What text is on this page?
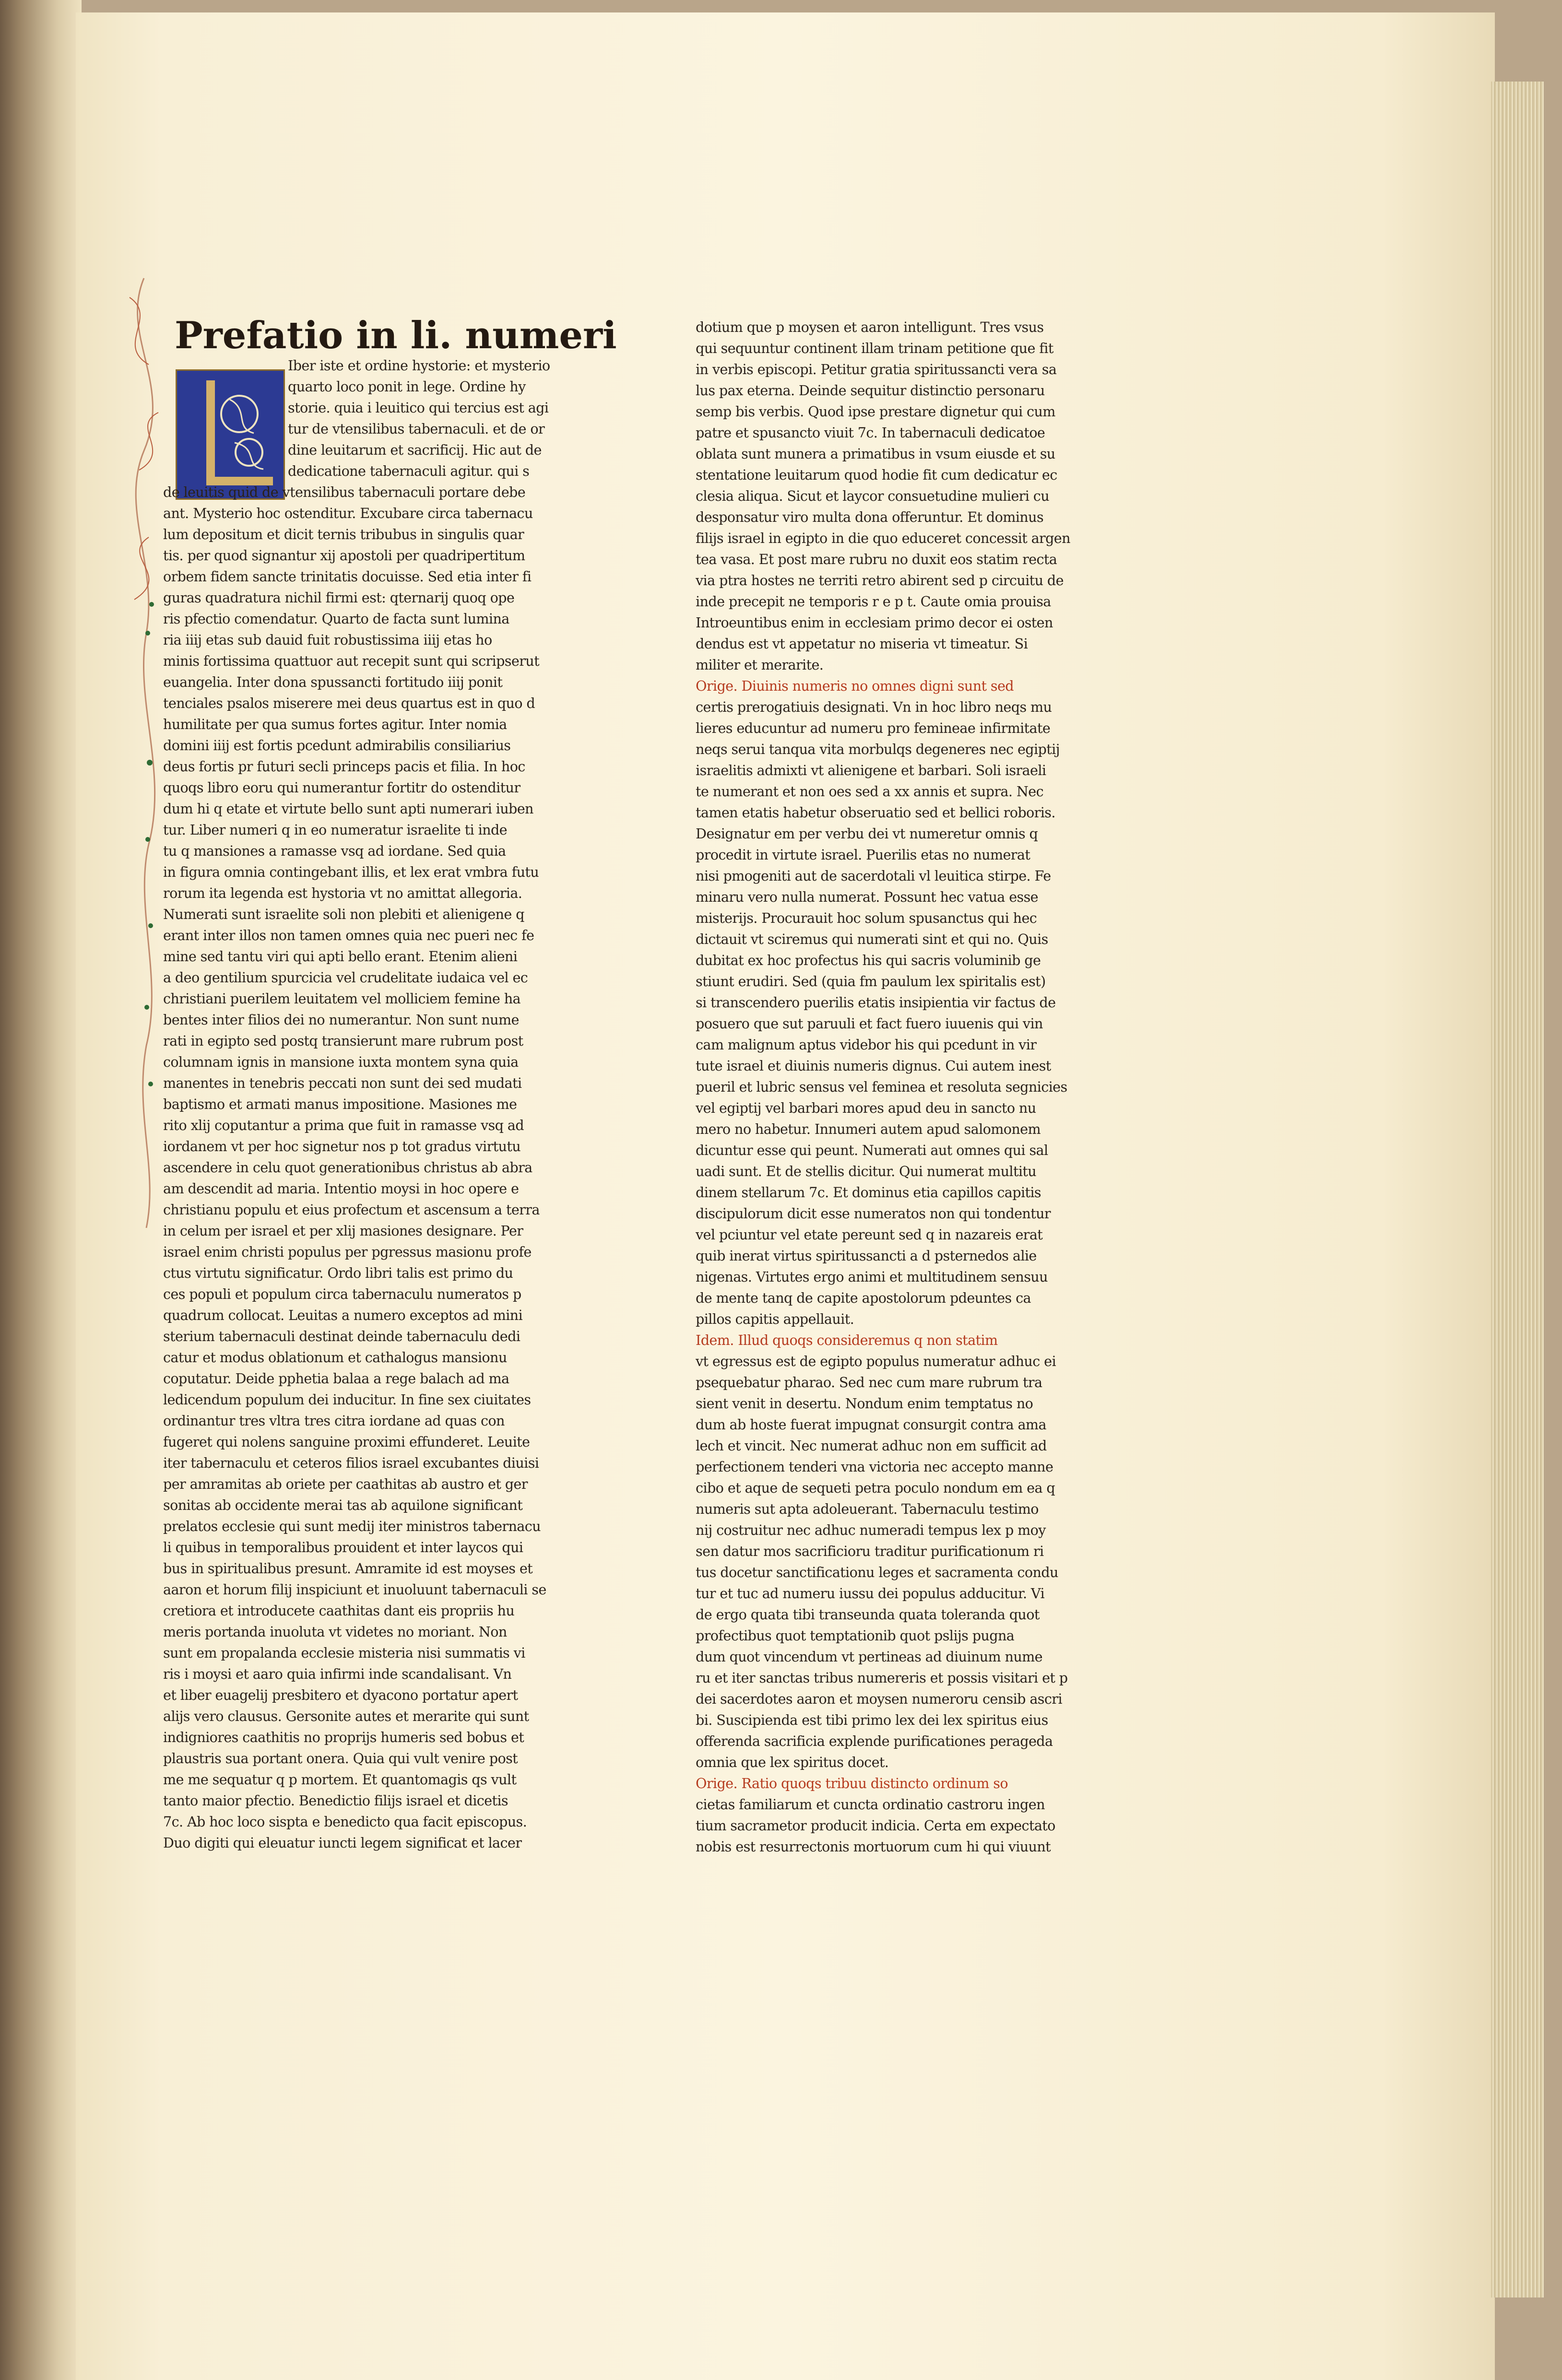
Prefatio in li. numeri
Iber iste et ordine hystorie: et mysterio
quarto loco ponit in lege. Ordine hy
storie. quia i leuitico qui tercius est agi
tur de vtensilibus tabernaculi. et de or
dine leuitarum et sacrificij. Hic aut de
dedicatione tabernaculi agitur. qui s
de leuitis quid de vtensilibus tabernaculi portare debe
ant. Mysterio hoc ostenditur. Excubare circa tabernacu
lum depositum et dicit ternis tribubus in singulis quar
tis. per quod signantur xij apostoli per quadripertitum
orbem fidem sancte trinitatis docuisse. Sed etia inter fi
guras quadratura nichil firmi est: qternarij quoq ope
ris pfectio comendatur. Quarto de facta sunt lumina
ria iiij etas sub dauid fuit robustissima iiij etas ho
minis fortissima quattuor aut recepit sunt qui scripserut
euangelia. Inter dona spussancti fortitudo iiij ponit
tenciales psalos miserere mei deus quartus est in quo d
humilitate per qua sumus fortes agitur. Inter nomia
domini iiij est fortis pcedunt admirabilis consiliarius
deus fortis pr futuri secli princeps pacis et filia. In hoc
quoqs libro eoru qui numerantur fortitr do ostenditur
dum hi q etate et virtute bello sunt apti numerari iuben
tur. Liber numeri q in eo numeratur israelite ti inde
tu q mansiones a ramasse vsq ad iordane. Sed quia
in figura omnia contingebant illis, et lex erat vmbra futu
rorum ita legenda est hystoria vt no amittat allegoria.
Numerati sunt israelite soli non plebiti et alienigene q
erant inter illos non tamen omnes quia nec pueri nec fe
mine sed tantu viri qui apti bello erant. Etenim alieni
a deo gentilium spurcicia vel crudelitate iudaica vel ec
christiani puerilem leuitatem vel molliciem femine ha
bentes inter filios dei no numerantur. Non sunt nume
rati in egipto sed postq transierunt mare rubrum post
columnam ignis in mansione iuxta montem syna quia
manentes in tenebris peccati non sunt dei sed mudati
baptismo et armati manus impositione. Masiones me
rito xlij coputantur a prima que fuit in ramasse vsq ad
iordanem vt per hoc signetur nos p tot gradus virtutu
ascendere in celu quot generationibus christus ab abra
am descendit ad maria. Intentio moysi in hoc opere e
christianu populu et eius profectum et ascensum a terra
in celum per israel et per xlij masiones designare. Per
israel enim christi populus per pgressus masionu profe
ctus virtutu significatur. Ordo libri talis est primo du
ces populi et populum circa tabernaculu numeratos p
quadrum collocat. Leuitas a numero exceptos ad mini
sterium tabernaculi destinat deinde tabernaculu dedi
catur et modus oblationum et cathalogus mansionu
coputatur. Deide pphetia balaa a rege balach ad ma
ledicendum populum dei inducitur. In fine sex ciuitates
ordinantur tres vltra tres citra iordane ad quas con
fugeret qui nolens sanguine proximi effunderet. Leuite
iter tabernaculu et ceteros filios israel excubantes diuisi
per amramitas ab oriete per caathitas ab austro et ger
sonitas ab occidente merai tas ab aquilone significant
prelatos ecclesie qui sunt medij iter ministros tabernacu
li quibus in temporalibus prouident et inter laycos qui
bus in spiritualibus presunt. Amramite id est moyses et
aaron et horum filij inspiciunt et inuoluunt tabernaculi se
cretiora et introducete caathitas dant eis propriis hu
meris portanda inuoluta vt videtes no moriant. Non
sunt em propalanda ecclesie misteria nisi summatis vi
ris i moysi et aaro quia infirmi inde scandalisant. Vn
et liber euagelij presbitero et dyacono portatur apert
alijs vero clausus. Gersonite autes et merarite qui sunt
indigniores caathitis no proprijs humeris sed bobus et
plaustris sua portant onera. Quia qui vult venire post
me me sequatur q p mortem. Et quantomagis qs vult
tanto maior pfectio. Benedictio filijs israel et dicetis
7c. Ab hoc loco sispta e benedicto qua facit episcopus.
Duo digiti qui eleuatur iuncti legem significat et lacer
dotium que p moysen et aaron intelligunt. Tres vsus
qui sequuntur continent illam trinam petitione que fit
in verbis episcopi. Petitur gratia spiritussancti vera sa
lus pax eterna. Deinde sequitur distinctio personaru
semp bis verbis. Quod ipse prestare dignetur qui cum
patre et spusancto viuit 7c. In tabernaculi dedicatoe
oblata sunt munera a primatibus in vsum eiusde et su
stentatione leuitarum quod hodie fit cum dedicatur ec
clesia aliqua. Sicut et laycor consuetudine mulieri cu
desponsatur viro multa dona offeruntur. Et dominus
filijs israel in egipto in die quo educeret concessit argen
tea vasa. Et post mare rubru no duxit eos statim recta
via ptra hostes ne territi retro abirent sed p circuitu de
inde precepit ne temporis r e p t. Caute omia prouisa
Introeuntibus enim in ecclesiam primo decor ei osten
dendus est vt appetatur no miseria vt timeatur. Si
militer et merarite.
Orige. Diuinis numeris no omnes digni sunt sed
certis prerogatiuis designati. Vn in hoc libro neqs mu
lieres educuntur ad numeru pro femineae infirmitate
neqs serui tanqua vita morbulqs degeneres nec egiptij
israelitis admixti vt alienigene et barbari. Soli israeli
te numerant et non oes sed a xx annis et supra. Nec
tamen etatis habetur obseruatio sed et bellici roboris.
Designatur em per verbu dei vt numeretur omnis q
procedit in virtute israel. Puerilis etas no numerat
nisi pmogeniti aut de sacerdotali vl leuitica stirpe. Fe
minaru vero nulla numerat. Possunt hec vatua esse
misterijs. Procurauit hoc solum spusanctus qui hec
dictauit vt sciremus qui numerati sint et qui no. Quis
dubitat ex hoc profectus his qui sacris voluminib ge
stiunt erudiri. Sed (quia fm paulum lex spiritalis est)
si transcendero puerilis etatis insipientia vir factus de
posuero que sut paruuli et fact fuero iuuenis qui vin
cam malignum aptus videbor his qui pcedunt in vir
tute israel et diuinis numeris dignus. Cui autem inest
pueril et lubric sensus vel feminea et resoluta segnicies
vel egiptij vel barbari mores apud deu in sancto nu
mero no habetur. Innumeri autem apud salomonem
dicuntur esse qui peunt. Numerati aut omnes qui sal
uadi sunt. Et de stellis dicitur. Qui numerat multitu
dinem stellarum 7c. Et dominus etia capillos capitis
discipulorum dicit esse numeratos non qui tondentur
vel pciuntur vel etate pereunt sed q in nazareis erat
quib inerat virtus spiritussancti a d psternedos alie
nigenas. Virtutes ergo animi et multitudinem sensuu
de mente tanq de capite apostolorum pdeuntes ca
pillos capitis appellauit.
Idem. Illud quoqs consideremus q non statim
vt egressus est de egipto populus numeratur adhuc ei
psequebatur pharao. Sed nec cum mare rubrum tra
sient venit in desertu. Nondum enim temptatus no
dum ab hoste fuerat impugnat consurgit contra ama
lech et vincit. Nec numerat adhuc non em sufficit ad
perfectionem tenderi vna victoria nec accepto manne
cibo et aque de sequeti petra poculo nondum em ea q
numeris sut apta adoleuerant. Tabernaculu testimo
nij costruitur nec adhuc numeradi tempus lex p moy
sen datur mos sacrificioru traditur purificationum ri
tus docetur sanctificationu leges et sacramenta condu
tur et tuc ad numeru iussu dei populus adducitur. Vi
de ergo quata tibi transeunda quata toleranda quot
profectibus quot temptationib quot pslijs pugna
dum quot vincendum vt pertineas ad diuinum nume
ru et iter sanctas tribus numereris et possis visitari et p
dei sacerdotes aaron et moysen numeroru censib ascri
bi. Suscipienda est tibi primo lex dei lex spiritus eius
offerenda sacrificia explende purificationes perageda
omnia que lex spiritus docet.
Orige. Ratio quoqs tribuu distincto ordinum so
cietas familiarum et cuncta ordinatio castroru ingen
tium sacrametor producit indicia. Certa em expectato
nobis est resurrectonis mortuorum cum hi qui viuunt
